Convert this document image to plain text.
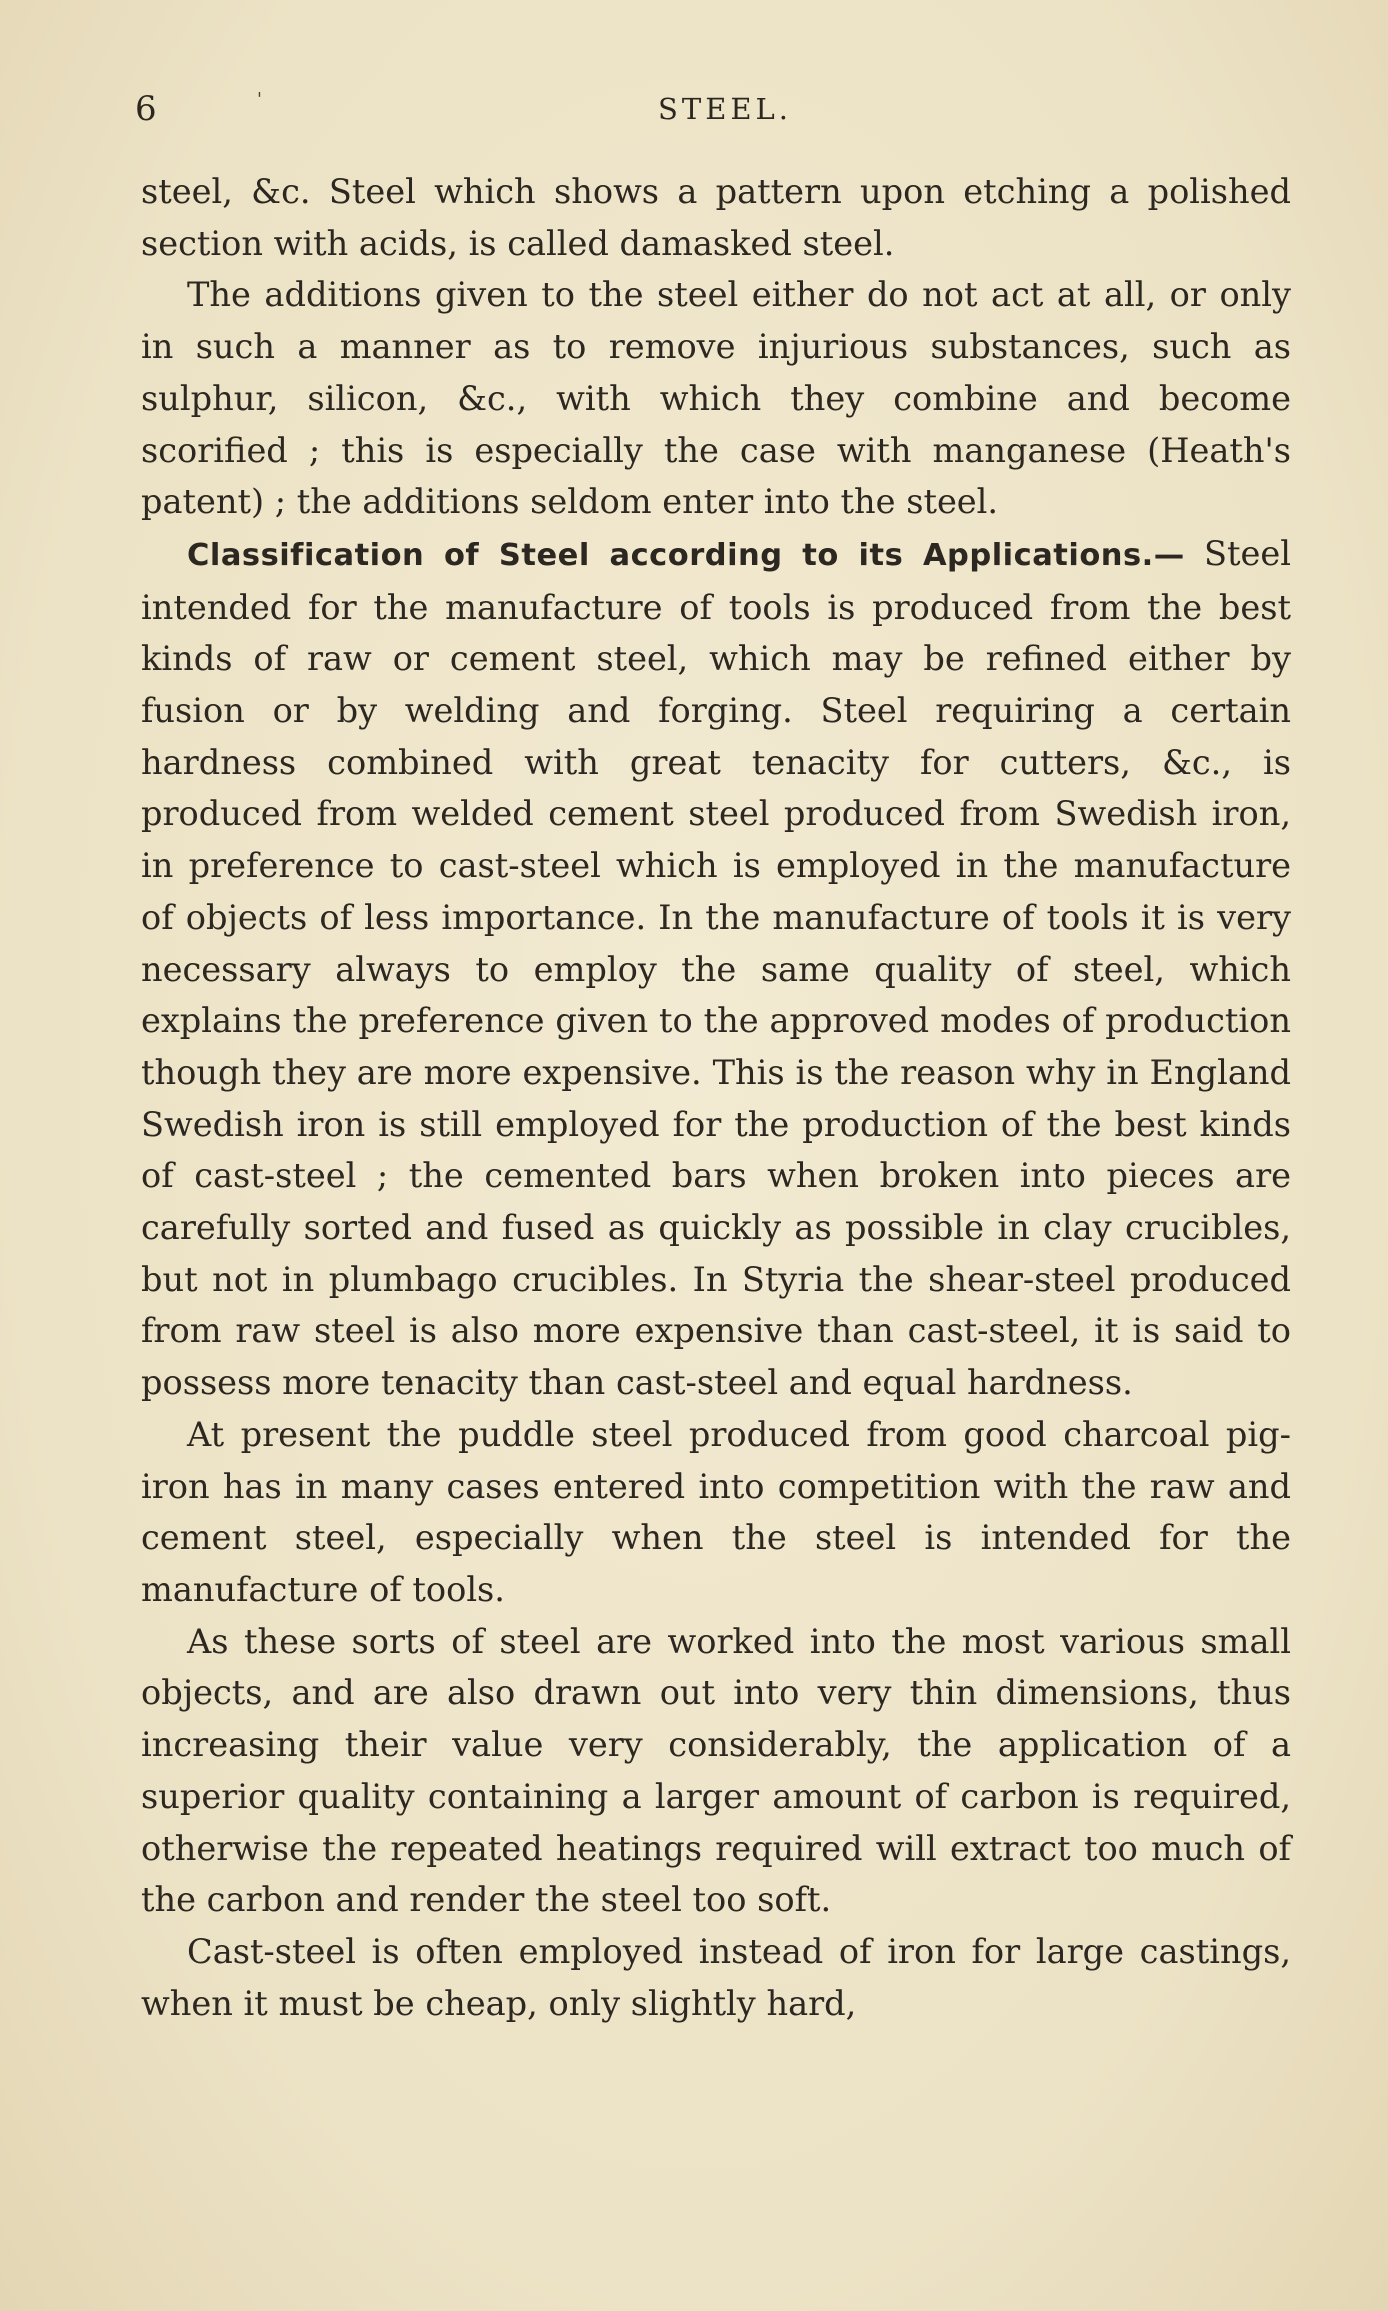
6	'	STEEL.

steel, &c. Steel which shows a pattern upon etching a polished section with acids, is called damasked steel.

The additions given to the steel either do not act at all, or only in such a manner as to remove injurious substances, such as sulphur, silicon, &c., with which they combine and become scorified ; this is especially the case with manganese (Heath's patent) ; the additions seldom enter into the steel.

Classification of Steel according to its Applications.— Steel intended for the manufacture of tools is produced from the best kinds of raw or cement steel, which may be refined either by fusion or by welding and forging. Steel requiring a certain hardness combined with great tenacity for cutters, &c., is produced from welded cement steel produced from Swedish iron, in preference to cast-steel which is employed in the manufacture of objects of less importance. In the manufacture of tools it is very necessary always to employ the same quality of steel, which explains the preference given to the approved modes of production though they are more expensive. This is the reason why in England Swedish iron is still employed for the production of the best kinds of cast-steel ; the cemented bars when broken into pieces are carefully sorted and fused as quickly as possible in clay crucibles, but not in plumbago crucibles. In Styria the shear-steel produced from raw steel is also more expensive than cast-steel, it is said to possess more tenacity than cast-steel and equal hardness.

At present the puddle steel produced from good charcoal pig-iron has in many cases entered into competition with the raw and cement steel, especially when the steel is intended for the manufacture of tools.

As these sorts of steel are worked into the most various small objects, and are also drawn out into very thin dimensions, thus increasing their value very considerably, the application of a superior quality containing a larger amount of carbon is required, otherwise the repeated heatings required will extract too much of the carbon and render the steel too soft.

Cast-steel is often employed instead of iron for large castings, when it must be cheap, only slightly hard,
